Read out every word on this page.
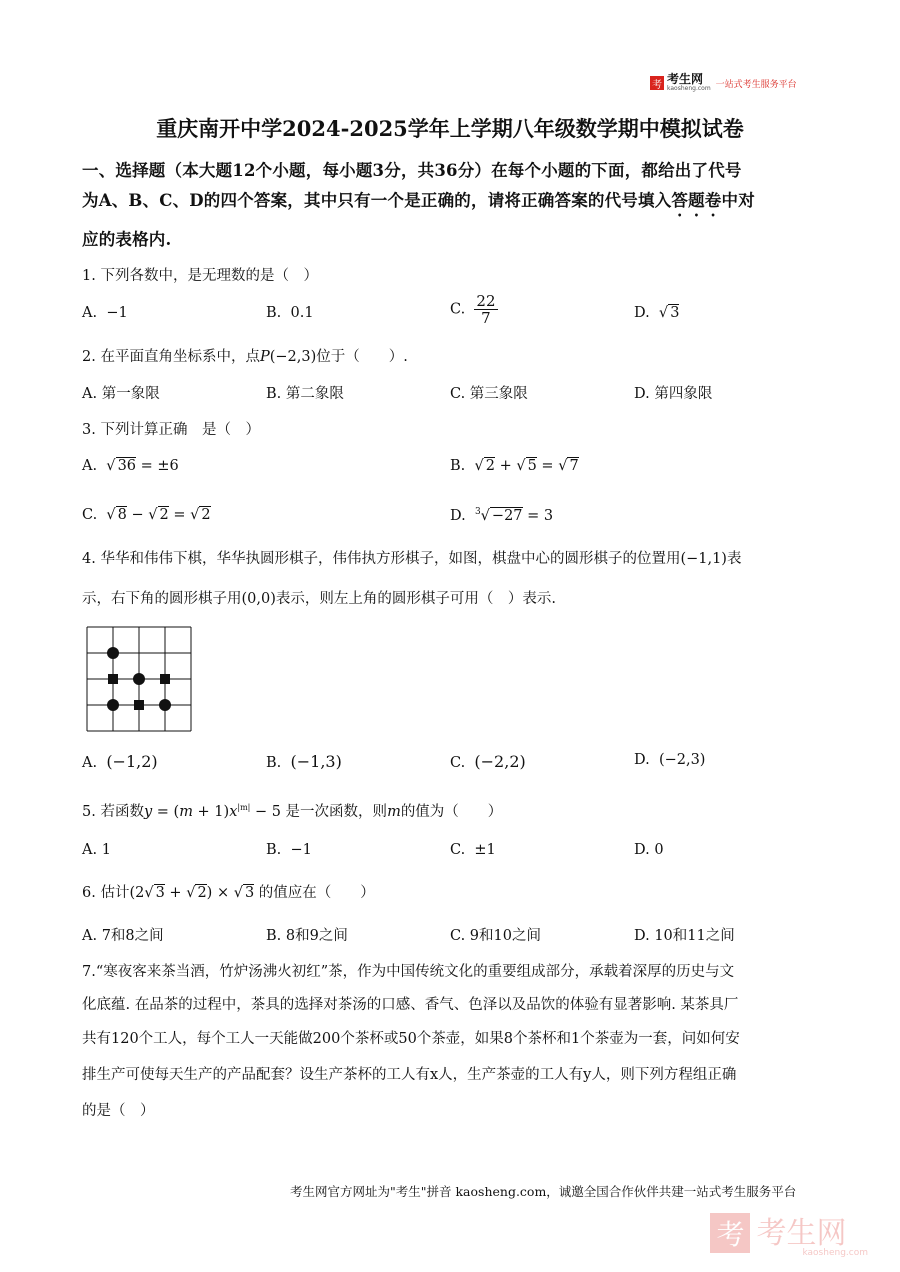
考 考生网
kaosheng.com 一站式考生服务平台
重庆南开中学2024-2025学年上学期八年级数学期中模拟试卷
一、选择题（本大题12个小题，每小题3分，共36分）在每个小题的下面，都给出了代号
为A、B、C、D的四个答案，其中只有一个是正确的，请将正确答案的代号填入答题卷中对
应的表格内.
1. 下列各数中，是无理数的是（　）
A. −1	B. 0.1	C. $\frac{22}{7}$	D.  √ 3
2. 在平面直角坐标系中，点P(−2,3)位于（　　）.
A. 第一象限	B. 第二象限	C. 第三象限	D. 第四象限
3. 下列计算正确　是（　）
A.  √ 36 = ±6	B.  √ 2 + √ 5 = √ 7
C.  √ 8 − √ 2 = √ 2	D. $^3$√ −27 = 3
4. 华华和伟伟下棋，华华执圆形棋子，伟伟执方形棋子，如图，棋盘中心的圆形棋子的位置用(−1,1)表
示，右下角的圆形棋子用(0,0)表示，则左上角的圆形棋子可用（　）表示.
A. (−1,2)	B. (−1,3)	C. (−2,2)	D. (−2,3)
5. 若函数$y = (m + 1)x^{|m|} - 5$ 是一次函数，则m的值为（　　）
A. 1	B. −1	C. ±1	D. 0
6. 估计(2√ 3 + √ 2) × √ 3 的值应在（　　）
A. 7和8之间	B. 8和9之间	C. 9和10之间	D. 10和11之间
7.“寒夜客来茶当酒，竹炉汤沸火初红”茶，作为中国传统文化的重要组成部分，承载着深厚的历史与文
化底蕴. 在品茶的过程中，茶具的选择对茶汤的口感、香气、色泽以及品饮的体验有显著影响. 某茶具厂
共有120个工人，每个工人一天能做200个茶杯或50个茶壶，如果8个茶杯和1个茶壶为一套，问如何安
排生产可使每天生产的产品配套？设生产茶杯的工人有x人，生产茶壶的工人有y人，则下列方程组正确
的是（　）
考生网官方网址为"考生"拼音 kaosheng.com，诚邀全国合作伙伴共建一站式考生服务平台
考 考生网
kaosheng.com
